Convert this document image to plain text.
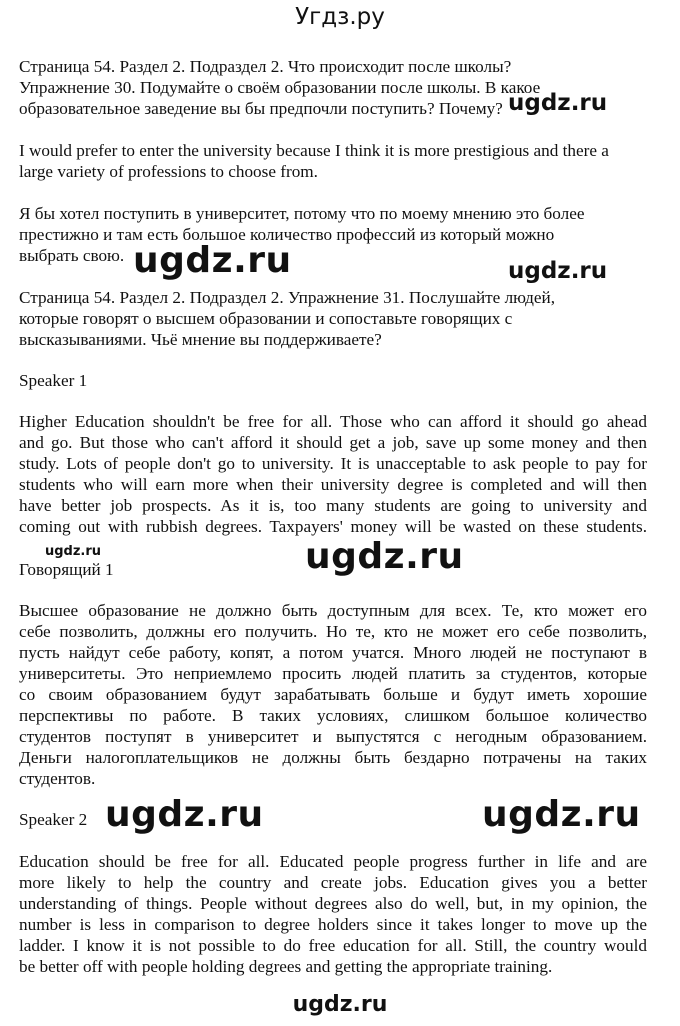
Угдз.ру
Страница 54. Раздел 2. Подраздел 2. Что происходит после школы?
Упражнение 30. Подумайте о своём образовании после школы. В какое
образовательное заведение вы бы предпочли поступить? Почему?
I would prefer to enter the university because I think it is more prestigious and there a
large variety of professions to choose from.
Я бы хотел поступить в университет, потому что по моему мнению это более
престижно и там есть большое количество профессий из который можно
выбрать свою.
Страница 54. Раздел 2. Подраздел 2. Упражнение 31. Послушайте людей,
которые говорят о высшем образовании и сопоставьте говорящих с
высказываниями. Чьё мнение вы поддерживаете?
Speaker 1
Higher Education shouldn't be free for all. Those who can afford it should go ahead
and go. But those who can't afford it should get a job, save up some money and then
study. Lots of people don't go to university. It is unacceptable to ask people to pay for
students who will earn more when their university degree is completed and will then
have better job prospects. As it is, too many students are going to university and
coming out with rubbish degrees. Taxpayers' money will be wasted on these students.
Говорящий 1
Высшее образование не должно быть доступным для всех. Те, кто может его
себе позволить, должны его получить. Но те, кто не может его себе позволить,
пусть найдут себе работу, копят, а потом учатся. Много людей не поступают в
университеты. Это неприемлемо просить людей платить за студентов, которые
со своим образованием будут зарабатывать больше и будут иметь хорошие
перспективы по работе. В таких условиях, слишком большое количество
студентов поступят в университет и выпустятся с негодным образованием.
Деньги налогоплательщиков не должны быть бездарно потрачены на таких
студентов.
Speaker 2
Education should be free for all. Educated people progress further in life and are
more likely to help the country and create jobs. Education gives you a better
understanding of things. People without degrees also do well, but, in my opinion, the
number is less in comparison to degree holders since it takes longer to move up the
ladder. I know it is not possible to do free education for all. Still, the country would
be better off with people holding degrees and getting the appropriate training.
ugdz.ru
ugdz.ru	ugdz.ru
ugdz.ru	ugdz.ru
ugdz.ru	ugdz.ru
ugdz.ru
